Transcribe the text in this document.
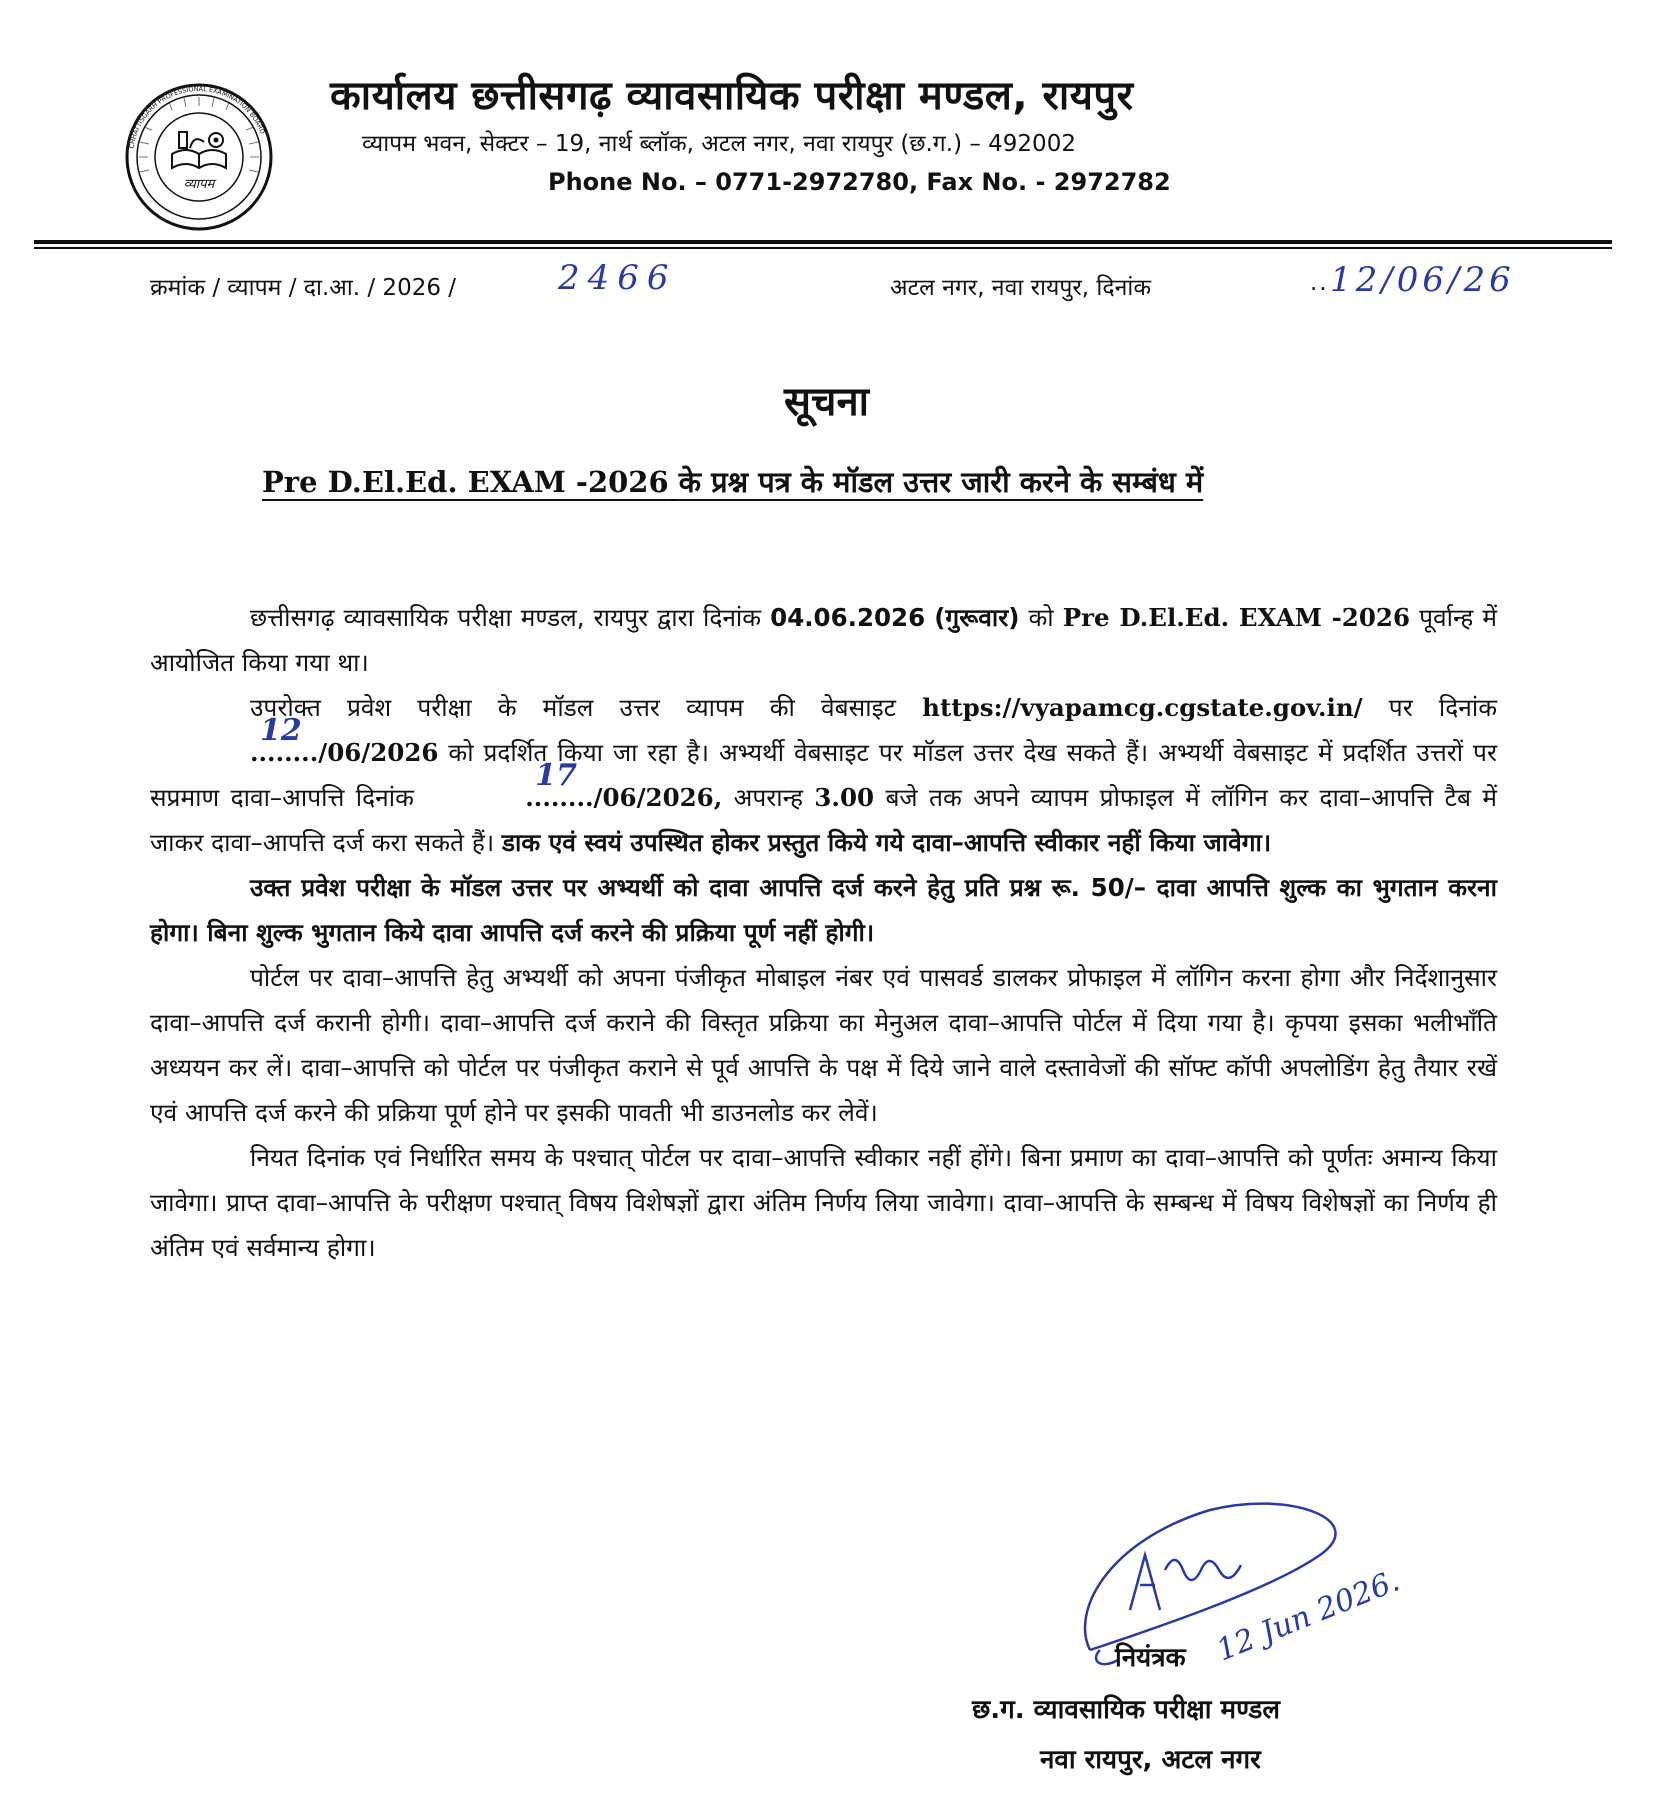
व्यापम
CHHATTISGARH PROFESSIONAL EXAMINATION BOARD
कार्यालय छत्तीसगढ़ व्यावसायिक परीक्षा मण्डल, रायपुर
व्यापम भवन, सेक्टर – 19, नार्थ ब्लॉक, अटल नगर, नवा रायपुर (छ.ग.) – 492002
Phone No. – 0771-2972780, Fax No. - 2972782
क्रमांक / व्यापम / दा.आ. / 2026 /	2466	अटल नगर, नवा रायपुर, दिनांक	.. 12/06/26
सूचना
Pre D.El.Ed. EXAM -2026 के प्रश्न पत्र के मॉडल उत्तर जारी करने के सम्बंध में

छत्तीसगढ़ व्यावसायिक परीक्षा मण्डल, रायपुर द्वारा दिनांक 04.06.2026 (गुरूवार) को Pre D.El.Ed. EXAM -2026 पूर्वान्ह में आयोजित किया गया था।

उपरोक्त प्रवेश परीक्षा के मॉडल उत्तर व्यापम की वेबसाइट https://vyapamcg.cgstate.gov.in/ पर दिनांक
12
......../06/2026 को प्रदर्शित किया जा रहा है। अभ्यर्थी वेबसाइट पर मॉडल उत्तर देख सकते हैं। अभ्यर्थी वेबसाइट में प्रदर्शित उत्तरों पर सप्रमाण दावा–आपत्ति दिनांक
17
......../06/2026, अपरान्ह 3.00 बजे तक अपने व्यापम प्रोफाइल में लॉगिन कर दावा–आपत्ति टैब में जाकर दावा–आपत्ति दर्ज करा सकते हैं। डाक एवं स्वयं उपस्थित होकर प्रस्तुत किये गये दावा–आपत्ति स्वीकार नहीं किया जावेगा।

उक्त प्रवेश परीक्षा के मॉडल उत्तर पर अभ्यर्थी को दावा आपत्ति दर्ज करने हेतु प्रति प्रश्न रू. 50/– दावा आपत्ति शुल्क का भुगतान करना होगा। बिना शुल्क भुगतान किये दावा आपत्ति दर्ज करने की प्रक्रिया पूर्ण नहीं होगी।

पोर्टल पर दावा–आपत्ति हेतु अभ्यर्थी को अपना पंजीकृत मोबाइल नंबर एवं पासवर्ड डालकर प्रोफाइल में लॉगिन करना होगा और निर्देशानुसार दावा–आपत्ति दर्ज करानी होगी। दावा–आपत्ति दर्ज कराने की विस्तृत प्रक्रिया का मेनुअल दावा–आपत्ति पोर्टल में दिया गया है। कृपया इसका भलीभाँति अध्ययन कर लें। दावा–आपत्ति को पोर्टल पर पंजीकृत कराने से पूर्व आपत्ति के पक्ष में दिये जाने वाले दस्तावेजों की सॉफ्ट कॉपी अपलोडिंग हेतु तैयार रखें एवं आपत्ति दर्ज करने की प्रक्रिया पूर्ण होने पर इसकी पावती भी डाउनलोड कर लेवें।

नियत दिनांक एवं निर्धारित समय के पश्चात् पोर्टल पर दावा–आपत्ति स्वीकार नहीं होंगे। बिना प्रमाण का दावा–आपत्ति को पूर्णतः अमान्य किया जावेगा। प्राप्त दावा–आपत्ति के परीक्षण पश्चात् विषय विशेषज्ञों द्वारा अंतिम निर्णय लिया जावेगा। दावा–आपत्ति के सम्बन्ध में विषय विशेषज्ञों का निर्णय ही अंतिम एवं सर्वमान्य होगा।

12 Jun 2026.
नियंत्रक
छ.ग. व्यावसायिक परीक्षा मण्डल
नवा रायपुर, अटल नगर
